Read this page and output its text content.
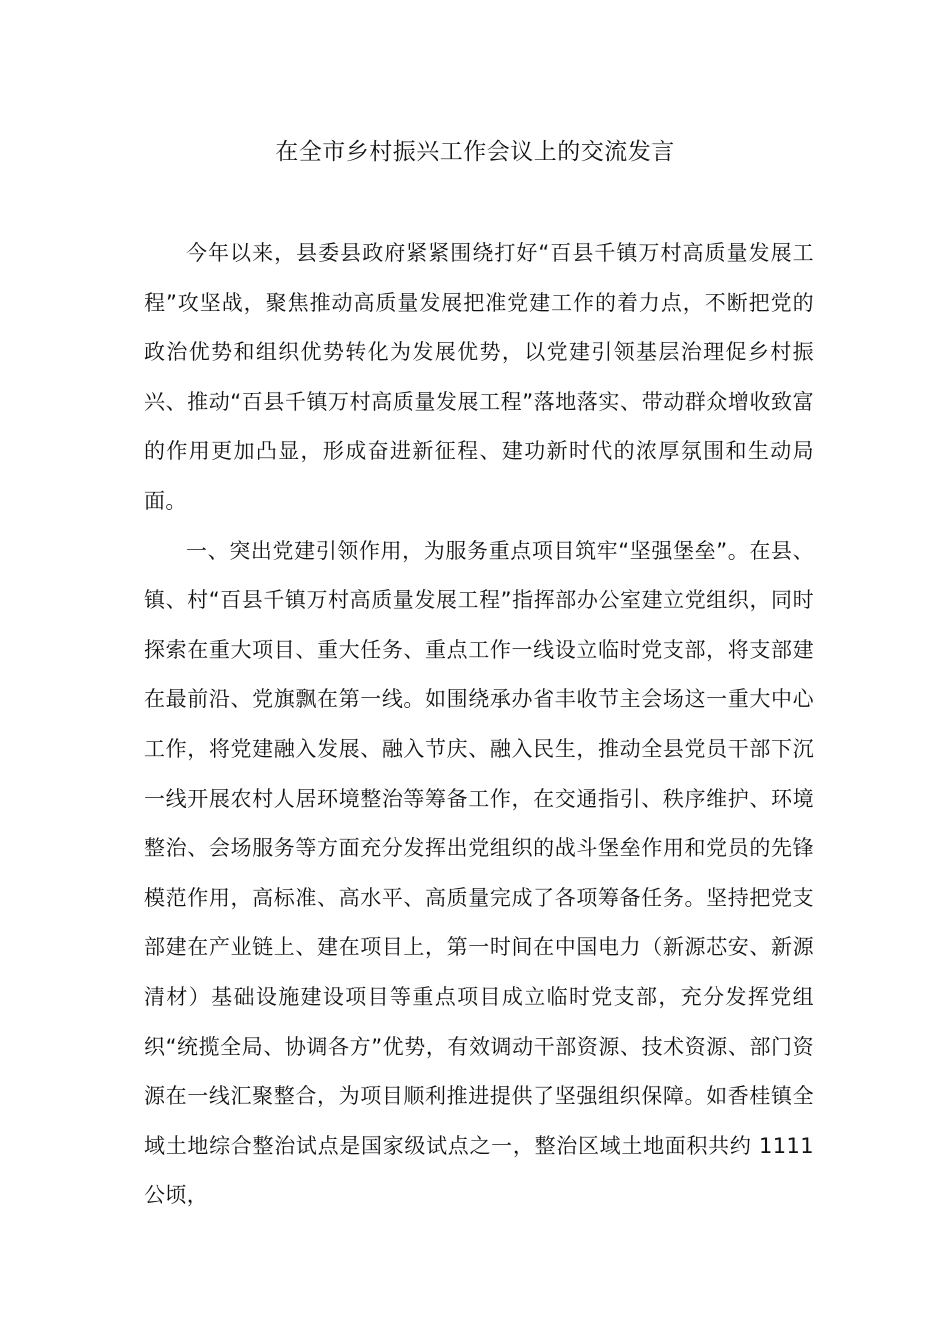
在全市乡村振兴工作会议上的交流发言

今年以来，县委县政府紧紧围绕打好“百县千镇万村高质量发展工程”攻坚战，聚焦推动高质量发展把准党建工作的着力点，不断把党的政治优势和组织优势转化为发展优势，以党建引领基层治理促乡村振兴、推动“百县千镇万村高质量发展工程”落地落实、带动群众增收致富的作用更加凸显，形成奋进新征程、建功新时代的浓厚氛围和生动局面。

一、突出党建引领作用，为服务重点项目筑牢“坚强堡垒”。在县、镇、村“百县千镇万村高质量发展工程”指挥部办公室建立党组织，同时探索在重大项目、重大任务、重点工作一线设立临时党支部，将支部建在最前沿、党旗飘在第一线。如围绕承办省丰收节主会场这一重大中心工作，将党建融入发展、融入节庆、融入民生，推动全县党员干部下沉一线开展农村人居环境整治等筹备工作，在交通指引、秩序维护、环境整治、会场服务等方面充分发挥出党组织的战斗堡垒作用和党员的先锋模范作用，高标准、高水平、高质量完成了各项筹备任务。坚持把党支部建在产业链上、建在项目上，第一时间在中国电力（新源芯安、新源清材）基础设施建设项目等重点项目成立临时党支部，充分发挥党组织“统揽全局、协调各方”优势，有效调动干部资源、技术资源、部门资源在一线汇聚整合，为项目顺利推进提供了坚强组织保障。如香桂镇全域土地综合整治试点是国家级试点之一，整治区域土地面积共约 1111 公顷，
